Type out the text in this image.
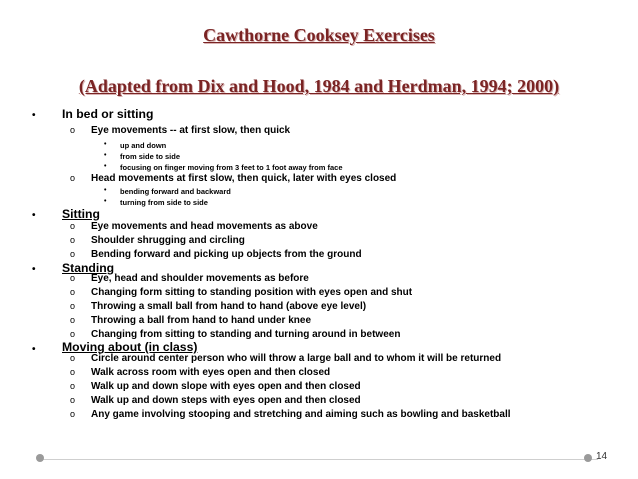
Cawthorne Cooksey Exercises
(Adapted from Dix and Hood, 1984 and Herdman, 1994; 2000)
• In bed or sitting
o Eye movements -- at first slow, then quick
• up and down
• from side to side
• focusing on finger moving from 3 feet to 1 foot away from face
o Head movements at first slow, then quick, later with eyes closed
• bending forward and backward
• turning from side to side
• Sitting
o Eye movements and head movements as above
o Shoulder shrugging and circling
o Bending forward and picking up objects from the ground
• Standing
o Eye, head and shoulder movements as before
o Changing form sitting to standing position with eyes open and shut
o Throwing a small ball from hand to hand (above eye level)
o Throwing a ball from hand to hand under knee
o Changing from sitting to standing and turning around in between
• Moving about (in class)
o Circle around center person who will throw a large ball and to whom it will be returned
o Walk across room with eyes open and then closed
o Walk up and down slope with eyes open and then closed
o Walk up and down steps with eyes open and then closed
o Any game involving stooping and stretching and aiming such as bowling and basketball
14
